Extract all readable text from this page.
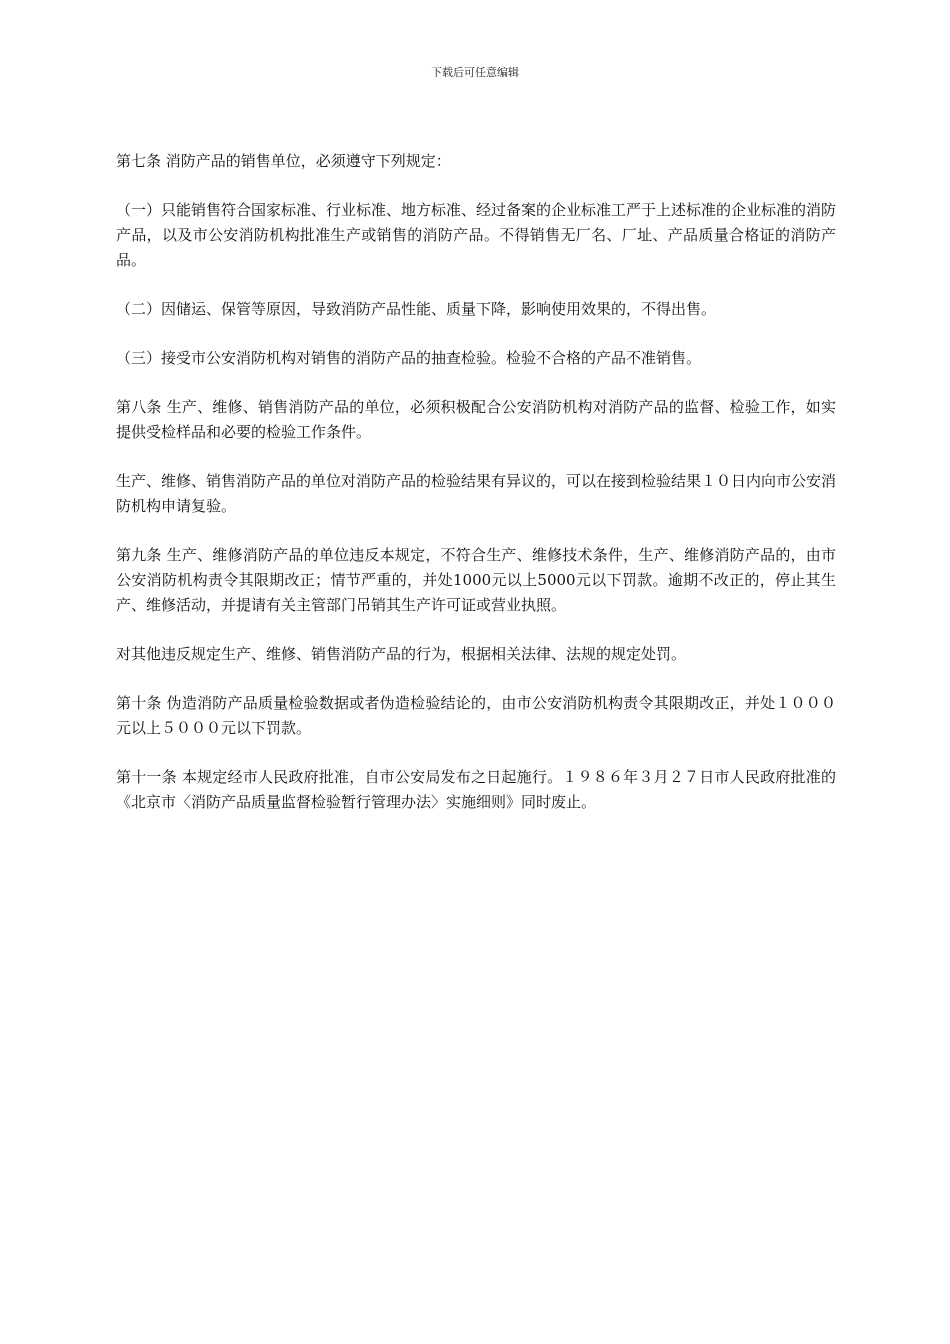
下载后可任意编辑

第七条 消防产品的销售单位，必须遵守下列规定：

（一）只能销售符合国家标准、行业标准、地方标准、经过备案的企业标准工严于上述标准的企业标准的消防产品，以及市公安消防机构批准生产或销售的消防产品。不得销售无厂名、厂址、产品质量合格证的消防产品。

（二）因储运、保管等原因，导致消防产品性能、质量下降，影响使用效果的，不得出售。

（三）接受市公安消防机构对销售的消防产品的抽查检验。检验不合格的产品不准销售。

第八条 生产、维修、销售消防产品的单位，必须积极配合公安消防机构对消防产品的监督、检验工作，如实提供受检样品和必要的检验工作条件。

生产、维修、销售消防产品的单位对消防产品的检验结果有异议的，可以在接到检验结果１０日内向市公安消防机构申请复验。

第九条 生产、维修消防产品的单位违反本规定，不符合生产、维修技术条件，生产、维修消防产品的，由市公安消防机构责令其限期改正；情节严重的，并处1000元以上5000元以下罚款。逾期不改正的，停止其生产、维修活动，并提请有关主管部门吊销其生产许可证或营业执照。

对其他违反规定生产、维修、销售消防产品的行为，根据相关法律、法规的规定处罚。

第十条 伪造消防产品质量检验数据或者伪造检验结论的，由市公安消防机构责令其限期改正，并处１０００元以上５０００元以下罚款。

第十一条 本规定经市人民政府批准，自市公安局发布之日起施行。１９８６年３月２７日市人民政府批准的《北京市〈消防产品质量监督检验暂行管理办法〉实施细则》同时废止。
